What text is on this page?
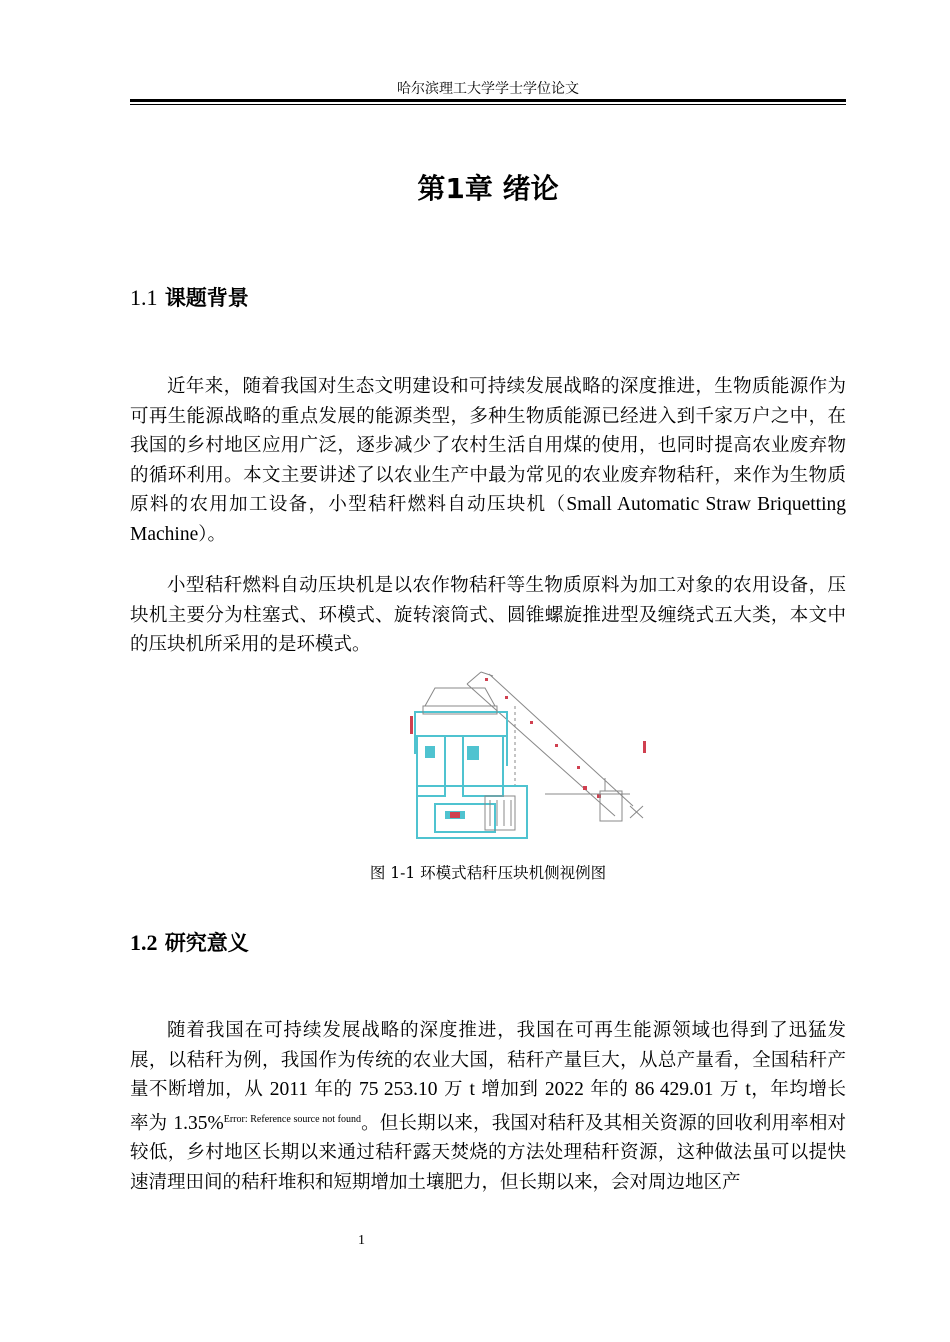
哈尔滨理工大学学士学位论文
第1章 绪论
1.1 课题背景
近年来，随着我国对生态文明建设和可持续发展战略的深度推进，生物质能源作为可再生能源战略的重点发展的能源类型，多种生物质能源已经进入到千家万户之中，在我国的乡村地区应用广泛，逐步减少了农村生活自用煤的使用，也同时提高农业废弃物的循环利用。本文主要讲述了以农业生产中最为常见的农业废弃物秸秆，来作为生物质原料的农用加工设备，小型秸秆燃料自动压块机（Small Automatic Straw Briquetting Machine）。
小型秸秆燃料自动压块机是以农作物秸秆等生物质原料为加工对象的农用设备，压块机主要分为柱塞式、环模式、旋转滚筒式、圆锥螺旋推进型及缠绕式五大类，本文中的压块机所采用的是环模式。
图 1-1 环模式秸秆压块机侧视例图
1.2 研究意义
随着我国在可持续发展战略的深度推进，我国在可再生能源领域也得到了迅猛发展，以秸秆为例，我国作为传统的农业大国，秸秆产量巨大，从总产量看，全国秸秆产量不断增加，从 2011 年的 75 253.10 万 t 增加到 2022 年的 86 429.01 万 t，年均增长率为 1.35%$^{Error: Reference source not found}$。但长期以来，我国对秸秆及其相关资源的回收利用率相对较低，乡村地区长期以来通过秸秆露天焚烧的方法处理秸秆资源，这种做法虽可以提快速清理田间的秸秆堆积和短期增加土壤肥力，但长期以来，会对周边地区产
1
